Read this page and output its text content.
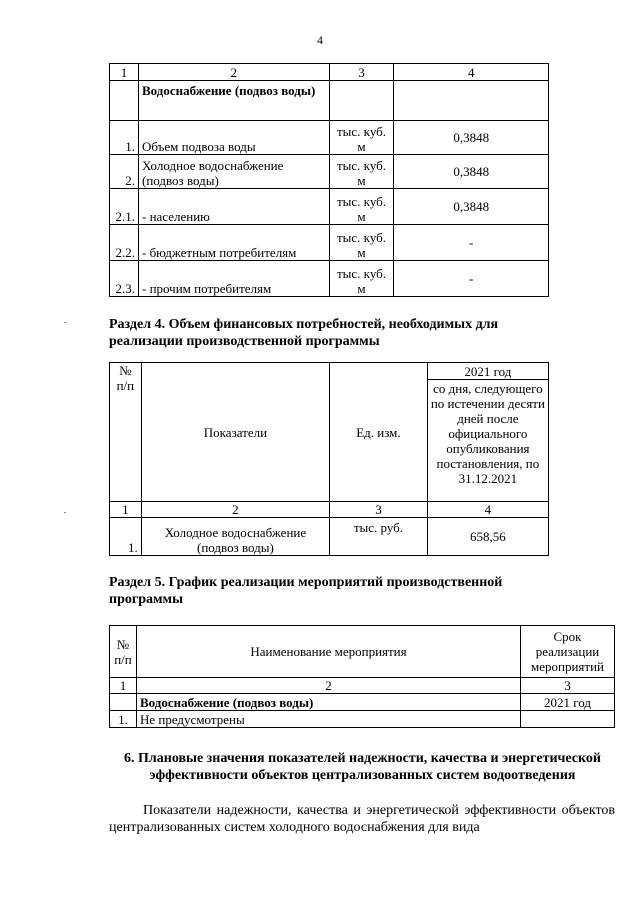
4
1	2	3	4
	Водоснабжение (подвоз воды)		
1.	Объем подвоза воды	тыс. куб. м	0,3848
2.	Холодное водоснабжение (подвоз воды)	тыс. куб. м	0,3848
2.1.	- населению	тыс. куб. м	0,3848
2.2.	- бюджетным потребителям	тыс. куб. м	-
2.3.	- прочим потребителям	тыс. куб. м	-
Раздел 4. Объем финансовых потребностей, необходимых для реализации производственной программы
№ п/п	Показатели	Ед. изм.	2021 год
			со дня, следующего по истечении десяти дней после официального опубликования постановления, по 31.12.2021
1	2	3	4
1.	Холодное водоснабжение (подвоз воды)	тыс. руб.	658,56
Раздел 5. График реализации мероприятий производственной программы
№ п/п	Наименование мероприятия	Срок реализации мероприятий
1	2	3
	Водоснабжение (подвоз воды)	2021 год
1.	Не предусмотрены	
6. Плановые значения показателей надежности, качества и энергетической эффективности объектов централизованных систем водоотведения
Показатели надежности, качества и энергетической эффективности объектов централизованных систем холодного водоснабжения для вида
